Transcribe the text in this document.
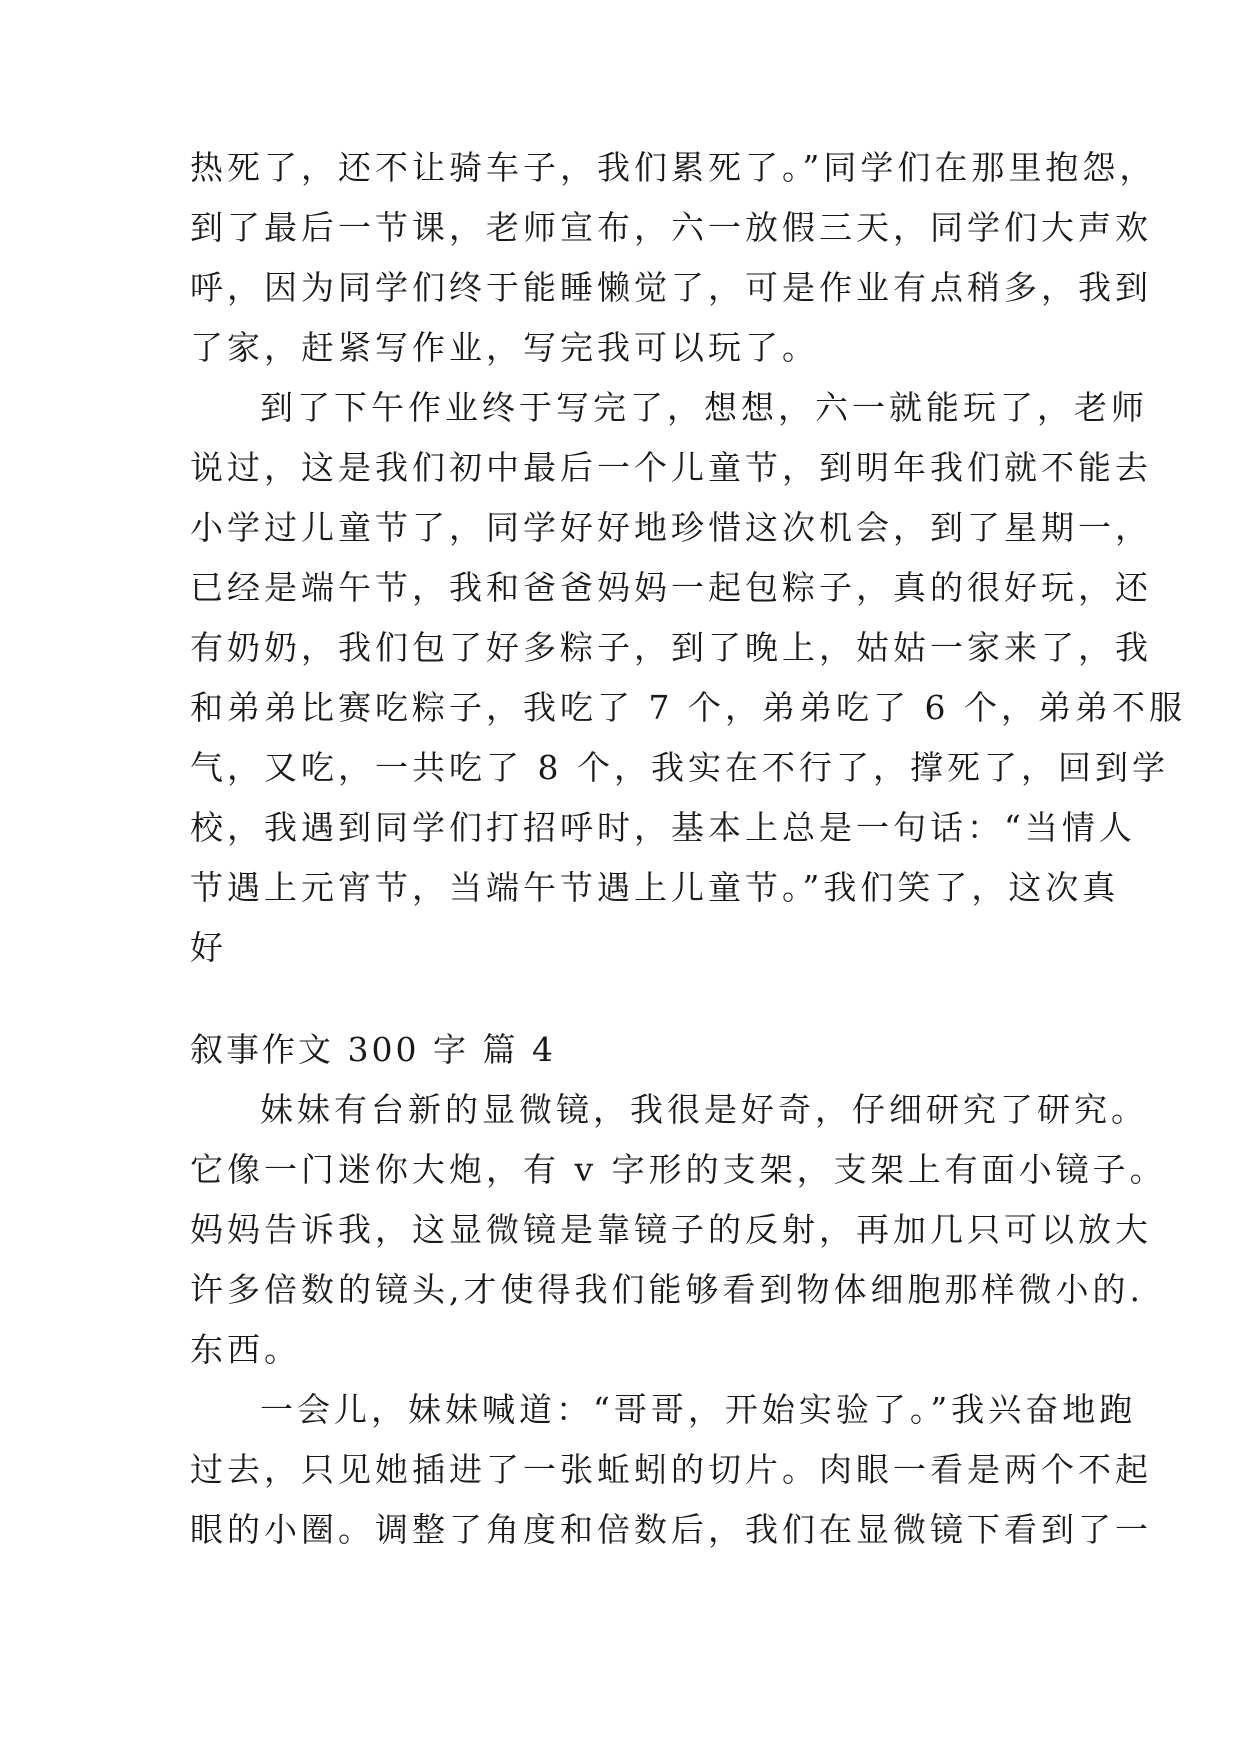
热死了，还不让骑车子，我们累死了。”同学们在那里抱怨，
到了最后一节课，老师宣布，六一放假三天，同学们大声欢
呼，因为同学们终于能睡懒觉了，可是作业有点稍多，我到
了家，赶紧写作业，写完我可以玩了。
到了下午作业终于写完了，想想，六一就能玩了，老师
说过，这是我们初中最后一个儿童节，到明年我们就不能去
小学过儿童节了，同学好好地珍惜这次机会，到了星期一，
已经是端午节，我和爸爸妈妈一起包粽子，真的很好玩，还
有奶奶，我们包了好多粽子，到了晚上，姑姑一家来了，我
和弟弟比赛吃粽子，我吃了 7 个，弟弟吃了 6 个，弟弟不服
气，又吃，一共吃了 8 个，我实在不行了，撑死了，回到学
校，我遇到同学们打招呼时，基本上总是一句话：“当情人
节遇上元宵节，当端午节遇上儿童节。”我们笑了，这次真
好
叙事作文 300 字 篇 4
妹妹有台新的显微镜，我很是好奇，仔细研究了研究。
它像一门迷你大炮，有 v 字形的支架，支架上有面小镜子。
妈妈告诉我，这显微镜是靠镜子的反射，再加几只可以放大
许多倍数的镜头,才使得我们能够看到物体细胞那样微小的.
东西。
一会儿，妹妹喊道：“哥哥，开始实验了。”我兴奋地跑
过去，只见她插进了一张蚯蚓的切片。肉眼一看是两个不起
眼的小圈。调整了角度和倍数后，我们在显微镜下看到了一
